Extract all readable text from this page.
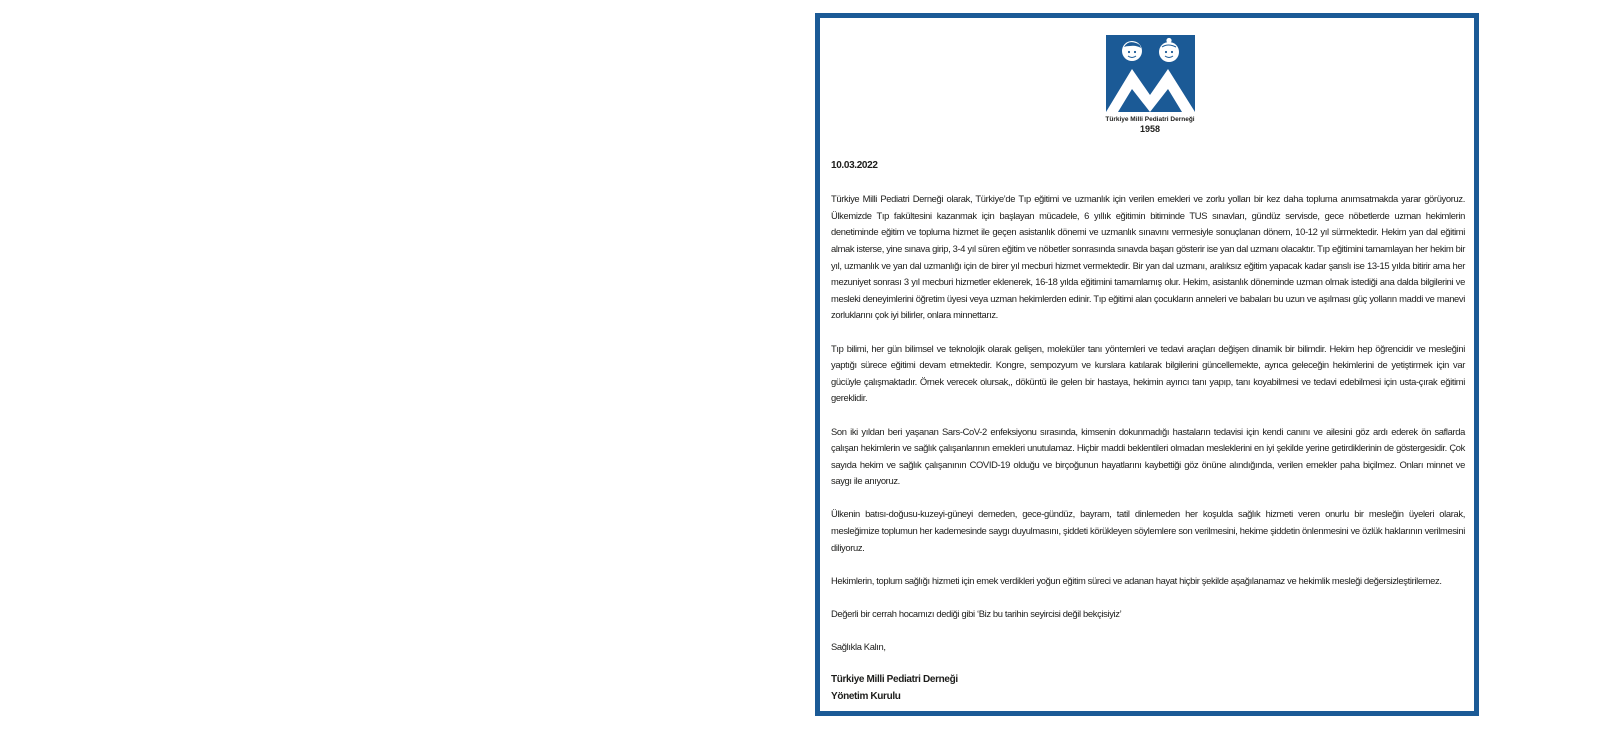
Türkiye Milli Pediatri Derneği
1958

10.03.2022

Türkiye Milli Pediatri Derneği olarak, Türkiye’de Tıp eğitimi ve uzmanlık için verilen emekleri ve zorlu yolları bir kez daha topluma anımsatmakda yarar görüyoruz. Ülkemizde Tıp fakültesini kazanmak için başlayan mücadele, 6 yıllık eğitimin bitiminde TUS sınavları, gündüz servisde, gece nöbetlerde uzman hekimlerin denetiminde eğitim ve topluma hizmet ile geçen asistanlık dönemi ve uzmanlık sınavını vermesiyle sonuçlanan dönem, 10-12 yıl sürmektedir. Hekim yan dal eğitimi almak isterse, yine sınava girip, 3-4 yıl süren eğitim ve nöbetler sonrasında sınavda başarı gösterir ise yan dal uzmanı olacaktır. Tıp eğitimini tamamlayan her hekim bir yıl, uzmanlık ve yan dal uzmanlığı için de birer yıl mecburi hizmet vermektedir. Bir yan dal uzmanı, aralıksız eğitim yapacak kadar şanslı ise 13-15 yılda bitirir ama her mezuniyet sonrası 3 yıl mecburi hizmetler eklenerek, 16-18 yılda eğitimini tamamlamış olur. Hekim, asistanlık döneminde uzman olmak istediği ana dalda bilgilerini ve mesleki deneyimlerini öğretim üyesi veya uzman hekimlerden edinir. Tıp eğitimi alan çocukların anneleri ve babaları bu uzun ve aşılması güç yolların maddi ve manevi zorluklarını çok iyi bilirler, onlara minnettarız.

Tıp bilimi, her gün bilimsel ve teknolojik olarak gelişen, moleküler tanı yöntemleri ve tedavi araçları değişen dinamik bir bilimdir. Hekim hep öğrencidir ve mesleğini yaptığı sürece eğitimi devam etmektedir. Kongre, sempozyum ve kurslara katılarak bilgilerini güncellemekte, ayrıca geleceğin hekimlerini de yetiştirmek için var gücüyle çalışmaktadır. Örnek verecek olursak,, döküntü ile gelen bir hastaya, hekimin ayırıcı tanı yapıp, tanı koyabilmesi ve tedavi edebilmesi için usta-çırak eğitimi gereklidir.

Son iki yıldan beri yaşanan Sars-CoV-2 enfeksiyonu sırasında, kimsenin dokunmadığı hastaların tedavisi için kendi canını ve ailesini göz ardı ederek ön saflarda çalışan hekimlerin ve sağlık çalışanlarının emekleri unutulamaz. Hiçbir maddi beklentileri olmadan mesleklerini en iyi şekilde yerine getirdiklerinin de göstergesidir. Çok sayıda hekim ve sağlık çalışanının COVID-19 olduğu ve birçoğunun hayatlarını kaybettiği göz önüne alındığında, verilen emekler paha biçilmez. Onları minnet ve saygı ile anıyoruz.

Ülkenin batısı-doğusu-kuzeyi-güneyi demeden, gece-gündüz, bayram, tatil dinlemeden her koşulda sağlık hizmeti veren onurlu bir mesleğin üyeleri olarak, mesleğimize toplumun her kademesinde saygı duyulmasını, şiddeti körükleyen söylemlere son verilmesini, hekime şiddetin önlenmesini ve özlük haklarının verilmesini diliyoruz.

Hekimlerin, toplum sağlığı hizmeti için emek verdikleri yoğun eğitim süreci ve adanan hayat hiçbir şekilde aşağılanamaz ve hekimlik mesleği değersizleştirilemez.

Değerli bir cerrah hocamızı dediği gibi ‘Biz bu tarihin seyircisi değil bekçisiyiz’

Sağlıkla Kalın,

Türkiye Milli Pediatri Derneği

Yönetim Kurulu
